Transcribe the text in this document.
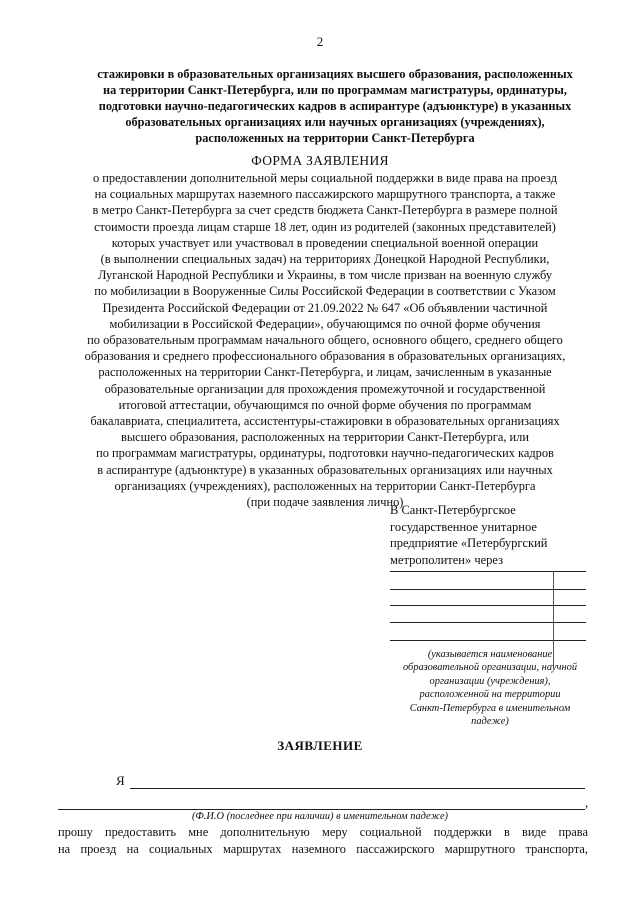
2
стажировки в образовательных организациях высшего образования, расположенных
на территории Санкт-Петербурга, или по программам магистратуры, ординатуры,
подготовки научно-педагогических кадров в аспирантуре (адъюнктуре) в указанных
образовательных организациях или научных организациях (учреждениях),
расположенных на территории Санкт-Петербурга
ФОРМА ЗАЯВЛЕНИЯ
о предоставлении дополнительной меры социальной поддержки в виде права на проезд
на социальных маршрутах наземного пассажирского маршрутного транспорта, а также
в метро Санкт-Петербурга за счет средств бюджета Санкт-Петербурга в размере полной
стоимости проезда лицам старше 18 лет, один из родителей (законных представителей)
которых участвует или участвовал в проведении специальной военной операции
(в выполнении специальных задач) на территориях Донецкой Народной Республики,
Луганской Народной Республики и Украины, в том числе призван на военную службу
по мобилизации в Вооруженные Силы Российской Федерации в соответствии с Указом
Президента Российской Федерации от 21.09.2022 № 647 «Об объявлении частичной
мобилизации в Российской Федерации», обучающимся по очной форме обучения
по образовательным программам начального общего, основного общего, среднего общего
образования и среднего профессионального образования в образовательных организациях,
расположенных на территории Санкт-Петербурга, и лицам, зачисленным в указанные
образовательные организации для прохождения промежуточной и государственной
итоговой аттестации, обучающимся по очной форме обучения по программам
бакалавриата, специалитета, ассистентуры-стажировки в образовательных организациях
высшего образования, расположенных на территории Санкт-Петербурга, или
по программам магистратуры, ординатуры, подготовки научно-педагогических кадров
в аспирантуре (адъюнктуре) в указанных образовательных организациях или научных
организациях (учреждениях), расположенных на территории Санкт-Петербурга
(при подаче заявления лично)
В Санкт-Петербургское
государственное унитарное
предприятие «Петербургский
метрополитен» через
(указывается наименование
образовательной организации, научной
организации (учреждения),
расположенной на территории
Санкт-Петербурга в именительном
падеже)
ЗАЯВЛЕНИЕ
Я
,
(Ф.И.О (последнее при наличии) в именительном падеже)
прошу предоставить мне дополнительную меру социальной поддержки в виде права
на проезд на социальных маршрутах наземного пассажирского маршрутного транспорта,
